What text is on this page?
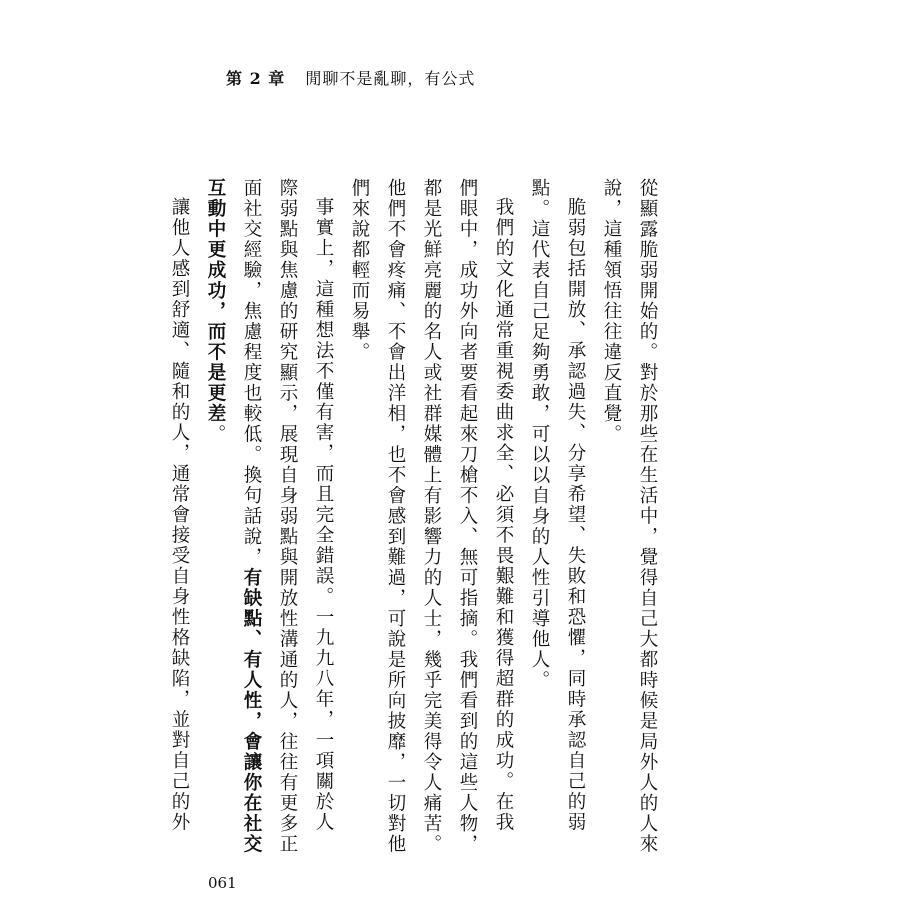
第 2 章 閒聊不是亂聊，有公式
從顯露脆弱開始的。對於那些在生活中，覺得自己大都時候是局外人的人來
說，這種領悟往往違反直覺。
脆弱包括開放、承認過失、分享希望、失敗和恐懼，同時承認自己的弱
點。這代表自己足夠勇敢，可以以自身的人性引導他人。
我們的文化通常重視委曲求全、必須不畏艱難和獲得超群的成功。在我
們眼中，成功外向者要看起來刀槍不入、無可指摘。我們看到的這些人物，
都是光鮮亮麗的名人或社群媒體上有影響力的人士，幾乎完美得令人痛苦。
他們不會疼痛、不會出洋相，也不會感到難過，可說是所向披靡，一切對他
們來說都輕而易舉。
事實上，這種想法不僅有害，而且完全錯誤。一九九八年，一項關於人
際弱點與焦慮的研究顯示，展現自身弱點與開放性溝通的人，往往有更多正
面社交經驗，焦慮程度也較低。換句話說，有缺點、有人性，會讓你在社交
互動中更成功，而不是更差。
讓他人感到舒適、隨和的人，通常會接受自身性格缺陷，並對自己的外
061
